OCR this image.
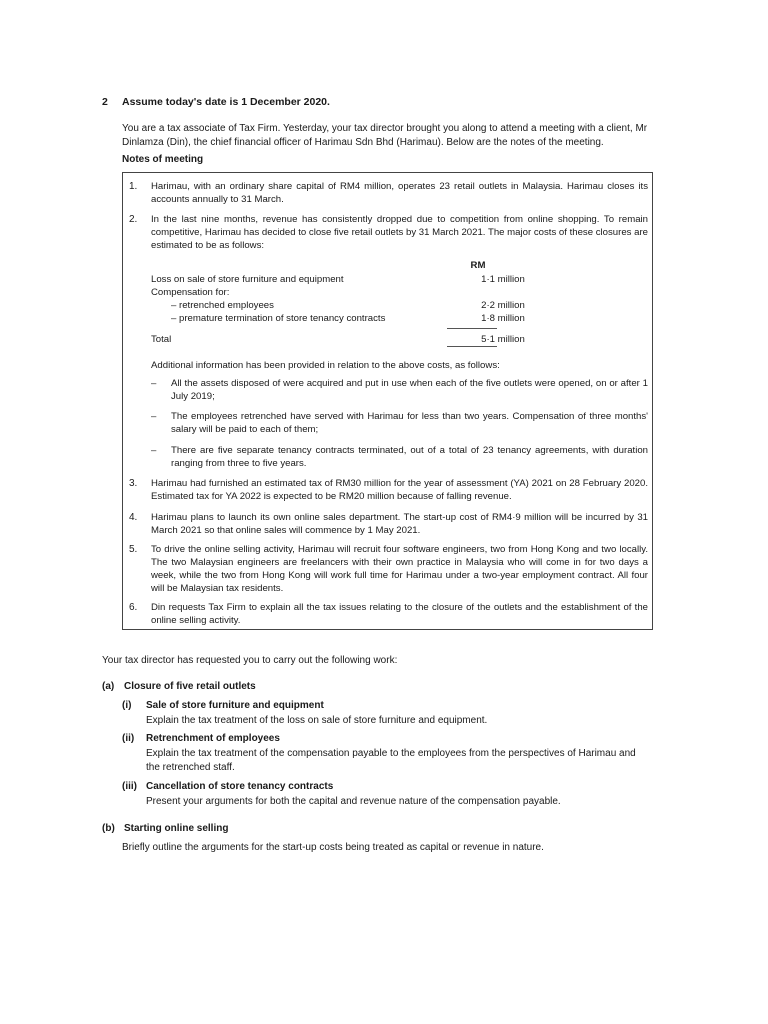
2 Assume today's date is 1 December 2020.
You are a tax associate of Tax Firm. Yesterday, your tax director brought you along to attend a meeting with a client, Mr Dinlamza (Din), the chief financial officer of Harimau Sdn Bhd (Harimau). Below are the notes of the meeting.
Notes of meeting
1.	Harimau, with an ordinary share capital of RM4 million, operates 23 retail outlets in Malaysia. Harimau closes its accounts annually to 31 March.
2.	In the last nine months, revenue has consistently dropped due to competition from online shopping. To remain competitive, Harimau has decided to close five retail outlets by 31 March 2021. The major costs of these closures are estimated to be as follows:
RM
Loss on sale of store furniture and equipment	1·1 million
Compensation for:
– retrenched employees	2·2 million
– premature termination of store tenancy contracts	1·8 million
Total	5·1 million
Additional information has been provided in relation to the above costs, as follows:
– All the assets disposed of were acquired and put in use when each of the five outlets were opened, on or after 1 July 2019;
– The employees retrenched have served with Harimau for less than two years. Compensation of three months' salary will be paid to each of them;
– There are five separate tenancy contracts terminated, out of a total of 23 tenancy agreements, with duration ranging from three to five years.
3.	Harimau had furnished an estimated tax of RM30 million for the year of assessment (YA) 2021 on 28 February 2020. Estimated tax for YA 2022 is expected to be RM20 million because of falling revenue.
4.	Harimau plans to launch its own online sales department. The start-up cost of RM4·9 million will be incurred by 31 March 2021 so that online sales will commence by 1 May 2021.
5.	To drive the online selling activity, Harimau will recruit four software engineers, two from Hong Kong and two locally. The two Malaysian engineers are freelancers with their own practice in Malaysia who will come in for two days a week, while the two from Hong Kong will work full time for Harimau under a two-year employment contract. All four will be Malaysian tax residents.
6.	Din requests Tax Firm to explain all the tax issues relating to the closure of the outlets and the establishment of the online selling activity.
Your tax director has requested you to carry out the following work:
(a) Closure of five retail outlets
(i) Sale of store furniture and equipment
Explain the tax treatment of the loss on sale of store furniture and equipment.
(ii) Retrenchment of employees
Explain the tax treatment of the compensation payable to the employees from the perspectives of Harimau and the retrenched staff.
(iii) Cancellation of store tenancy contracts
Present your arguments for both the capital and revenue nature of the compensation payable.
(b) Starting online selling
Briefly outline the arguments for the start-up costs being treated as capital or revenue in nature.
